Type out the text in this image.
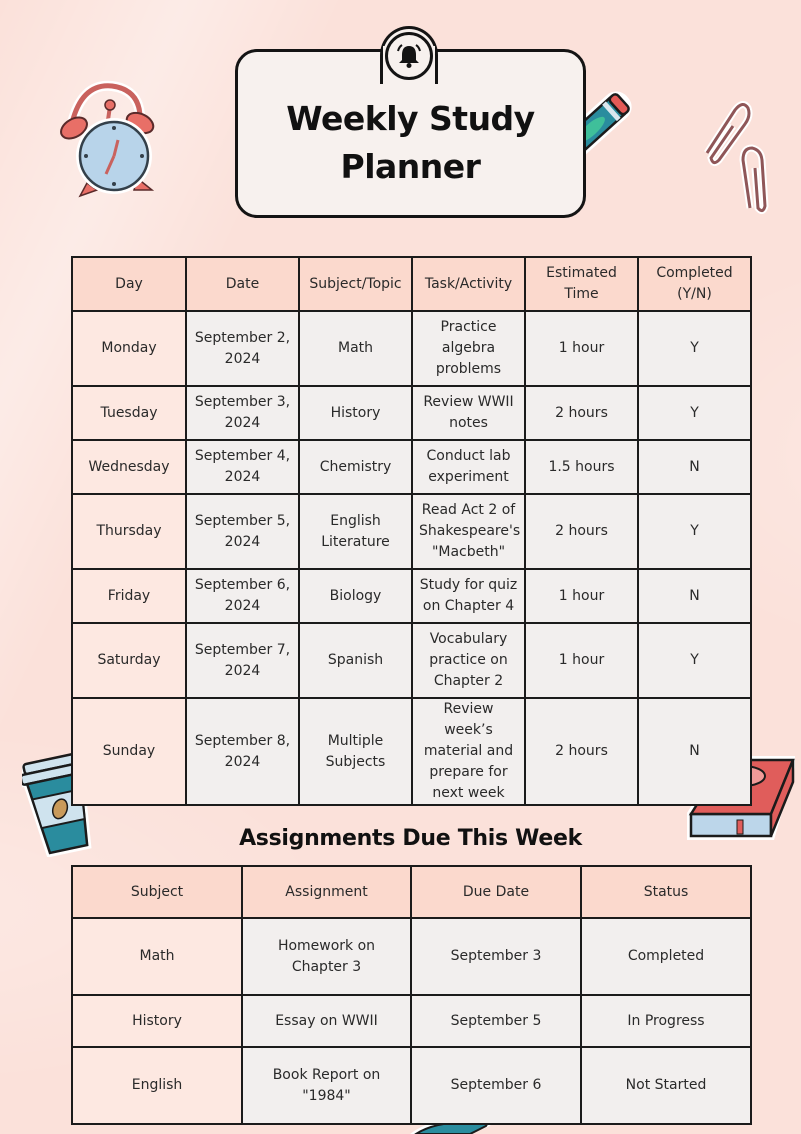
Weekly Study
Planner
Day	Date	Subject/Topic	Task/Activity	Estimated Time	Completed (Y/N)
Monday	September 2, 2024	Math	Practice algebra problems	1 hour	Y
Tuesday	September 3, 2024	History	Review WWII notes	2 hours	Y
Wednesday	September 4, 2024	Chemistry	Conduct lab experiment	1.5 hours	N
Thursday	September 5, 2024	English Literature	Read Act 2 of Shakespeare's "Macbeth"	2 hours	Y
Friday	September 6, 2024	Biology	Study for quiz on Chapter 4	1 hour	N
Saturday	September 7, 2024	Spanish	Vocabulary practice on Chapter 2	1 hour	Y
Sunday	September 8, 2024	Multiple Subjects	Review week’s material and prepare for next week	2 hours	N
Assignments Due This Week
Subject	Assignment	Due Date	Status
Math	Homework on Chapter 3	September 3	Completed
History	Essay on WWII	September 5	In Progress
English	Book Report on "1984"	September 6	Not Started
